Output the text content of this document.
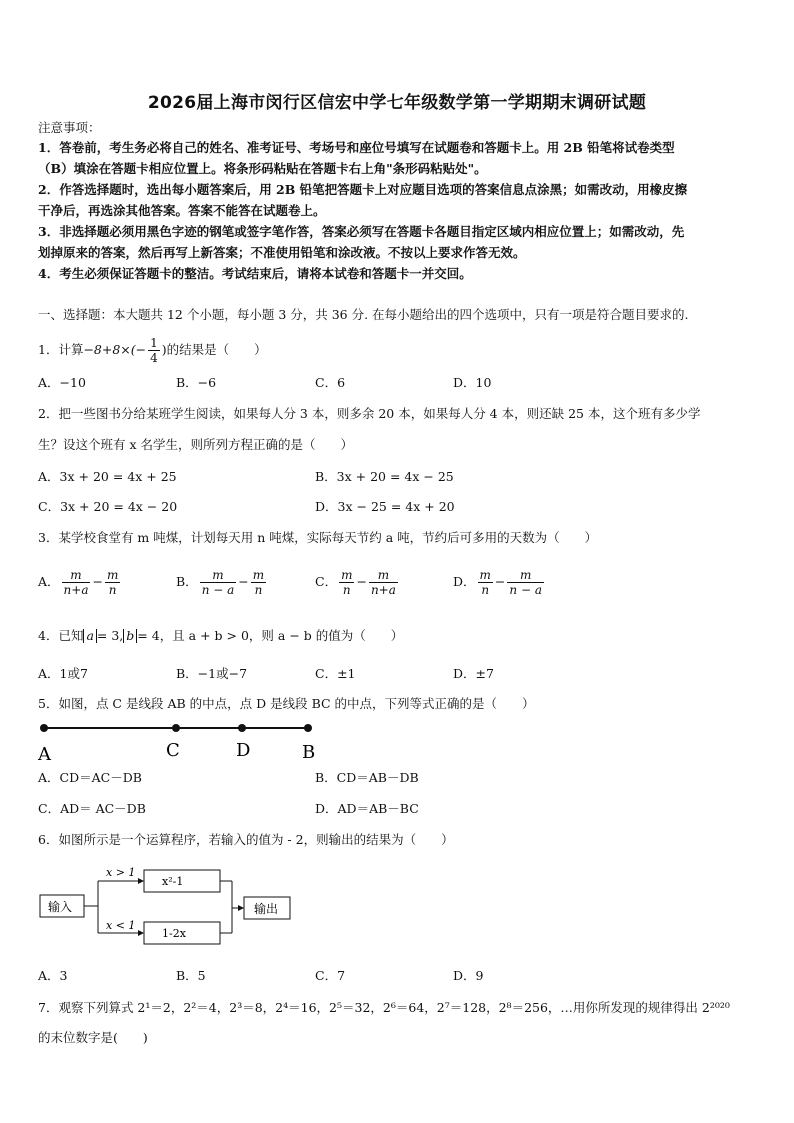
2026届上海市闵行区信宏中学七年级数学第一学期期末调研试题
注意事项：
1．答卷前，考生务必将自己的姓名、准考证号、考场号和座位号填写在试题卷和答题卡上。用 2B 铅笔将试卷类型
（B）填涂在答题卡相应位置上。将条形码粘贴在答题卡右上角"条形码粘贴处"。
2．作答选择题时，选出每小题答案后，用 2B 铅笔把答题卡上对应题目选项的答案信息点涂黑；如需改动，用橡皮擦
干净后，再选涂其他答案。答案不能答在试题卷上。
3．非选择题必须用黑色字迹的钢笔或签字笔作答，答案必须写在答题卡各题目指定区域内相应位置上；如需改动，先
划掉原来的答案，然后再写上新答案；不准使用铅笔和涂改液。不按以上要求作答无效。
4．考生必须保证答题卡的整洁。考试结束后，请将本试卷和答题卡一并交回。
一、选择题：本大题共 12 个小题，每小题 3 分，共 36 分. 在每小题给出的四个选项中，只有一项是符合题目要求的.
1．计算$-8+8\times(- \frac{1}{4}$ )的结果是（　　）
A．−10	B．−6	C．6	D．10
2．把一些图书分给某班学生阅读，如果每人分 3 本，则多余 20 本，如果每人分 4 本，则还缺 25 本，这个班有多少学
生？设这个班有 x 名学生，则所列方程正确的是（　　）
A．3x + 20 = 4x + 25	B．3x + 20 = 4x − 25
C．3x + 20 = 4x − 20	D．3x − 25 = 4x + 20
3．某学校食堂有 m 吨煤，计划每天用 n 吨煤，实际每天节约 a 吨，节约后可多用的天数为（　　）
A． $\frac{m}{n+a} - \frac{m}{n}$	B． $\frac{m}{n - a} - \frac{m}{n}$	C． $\frac{m}{n} - \frac{m}{n+a}$	D． $\frac{m}{n} - \frac{m}{n - a}$
4．已知 a = 3, b = 4，且 a + b > 0，则 a − b 的值为（　　）
A．1或7	B．−1或−7	C．±1	D．±7
5．如图，点 C 是线段 AB 的中点，点 D 是线段 BC 的中点，下列等式正确的是（　　）
A	C	D	B
A．CD＝AC－DB	B．CD＝AB－DB
C．AD＝ AC－DB	D．AD＝AB－BC
6．如图所示是一个运算程序，若输入的值为 - 2，则输出的结果为（　　）
输入
x > 1
x < 1
x²-1
1-2x
输出
A．3	B．5	C．7	D．9
7．观察下列算式 2¹＝2，2²＝4，2³＝8，2⁴＝16，2⁵＝32，2⁶＝64，2⁷＝128，2⁸＝256，…用你所发现的规律得出 2²⁰²⁰
的末位数字是(　　)
